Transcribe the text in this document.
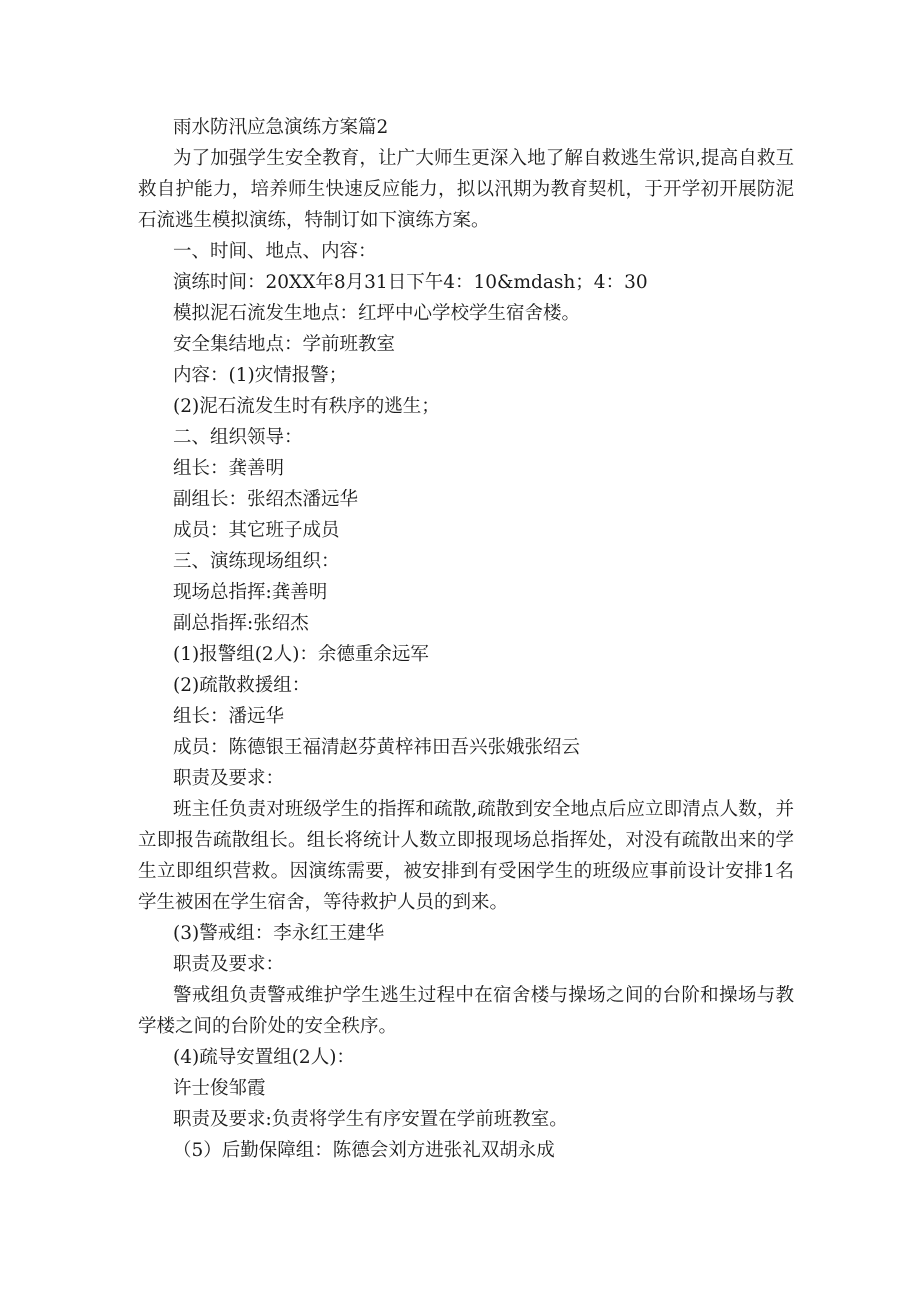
雨水防汛应急演练方案篇2

为了加强学生安全教育，让广大师生更深入地了解自救逃生常识,提高自救互救自护能力，培养师生快速反应能力，拟以汛期为教育契机，于开学初开展防泥石流逃生模拟演练，特制订如下演练方案。

一、时间、地点、内容：
演练时间：20XX年8月31日下午4：10&mdash；4：30
模拟泥石流发生地点：红坪中心学校学生宿舍楼。
安全集结地点：学前班教室
内容：(1)灾情报警；
(2)泥石流发生时有秩序的逃生；
二、组织领导：
组长：龚善明
副组长：张绍杰潘远华
成员：其它班子成员
三、演练现场组织：
现场总指挥:龚善明
副总指挥:张绍杰
(1)报警组(2人)：余德重余远军
(2)疏散救援组：
组长：潘远华
成员：陈德银王福清赵芬黄梓祎田吾兴张娥张绍云
职责及要求：

班主任负责对班级学生的指挥和疏散,疏散到安全地点后应立即清点人数，并立即报告疏散组长。组长将统计人数立即报现场总指挥处，对没有疏散出来的学生立即组织营救。因演练需要，被安排到有受困学生的班级应事前设计安排1名学生被困在学生宿舍，等待救护人员的到来。

(3)警戒组：李永红王建华
职责及要求：

警戒组负责警戒维护学生逃生过程中在宿舍楼与操场之间的台阶和操场与教学楼之间的台阶处的安全秩序。

(4)疏导安置组(2人)：
许士俊邹霞
职责及要求:负责将学生有序安置在学前班教室。
（5）后勤保障组：陈德会刘方进张礼双胡永成
